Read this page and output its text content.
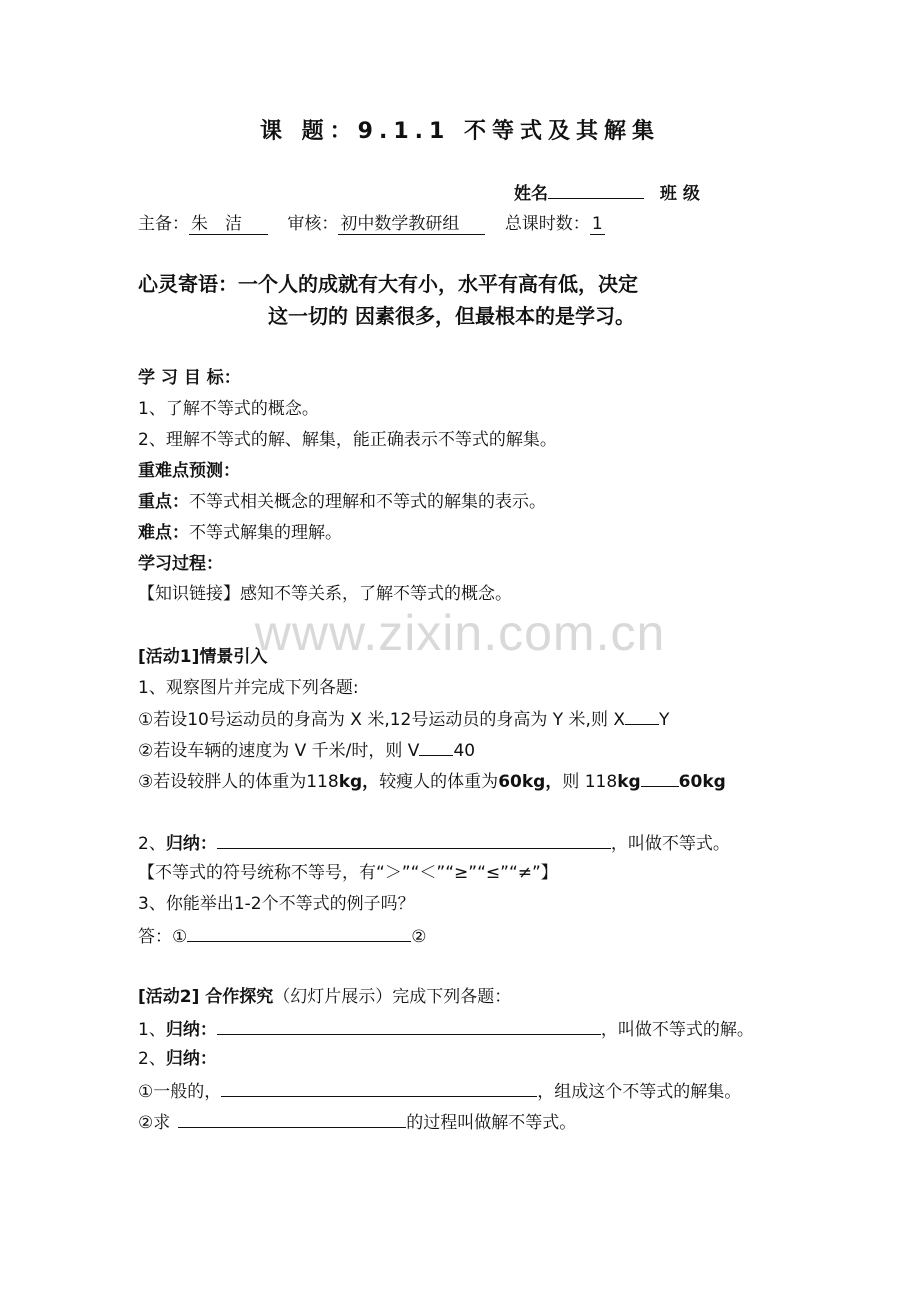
课 题：9.1.1 不等式及其解集
姓名	班 级
主备： 朱　洁	审核： 初中数学教研组	总课时数： 1
心灵寄语：一个人的成就有大有小，水平有高有低，决定
这一切的 因素很多，但最根本的是学习。
学 习 目 标：
1、了解不等式的概念。
2、理解不等式的解、解集，能正确表示不等式的解集。
重难点预测：
重点：不等式相关概念的理解和不等式的解集的表示。
难点：不等式解集的理解。
学习过程：
【知识链接】感知不等关系，了解不等式的概念。
www.zixin.com.cn
[活动1]情景引入
1、观察图片并完成下列各题:
①若设10号运动员的身高为 X 米,12号运动员的身高为 Y 米,则 X Y
②若设车辆的速度为 V 千米/时，则 V 40
③若设较胖人的体重为118kg，较瘦人的体重为60kg，则 118kg 60kg
2、归纳：	，叫做不等式。
【不等式的符号统称不等号，有“＞”“＜”“≥”“≤”“≠”】
3、你能举出1-2个不等式的例子吗？
答：①	②
[活动2] 合作探究（幻灯片展示）完成下列各题：
1、归纳：	，叫做不等式的解。
2、归纳：
①一般的，	，组成这个不等式的解集。
②求	的过程叫做解不等式。
